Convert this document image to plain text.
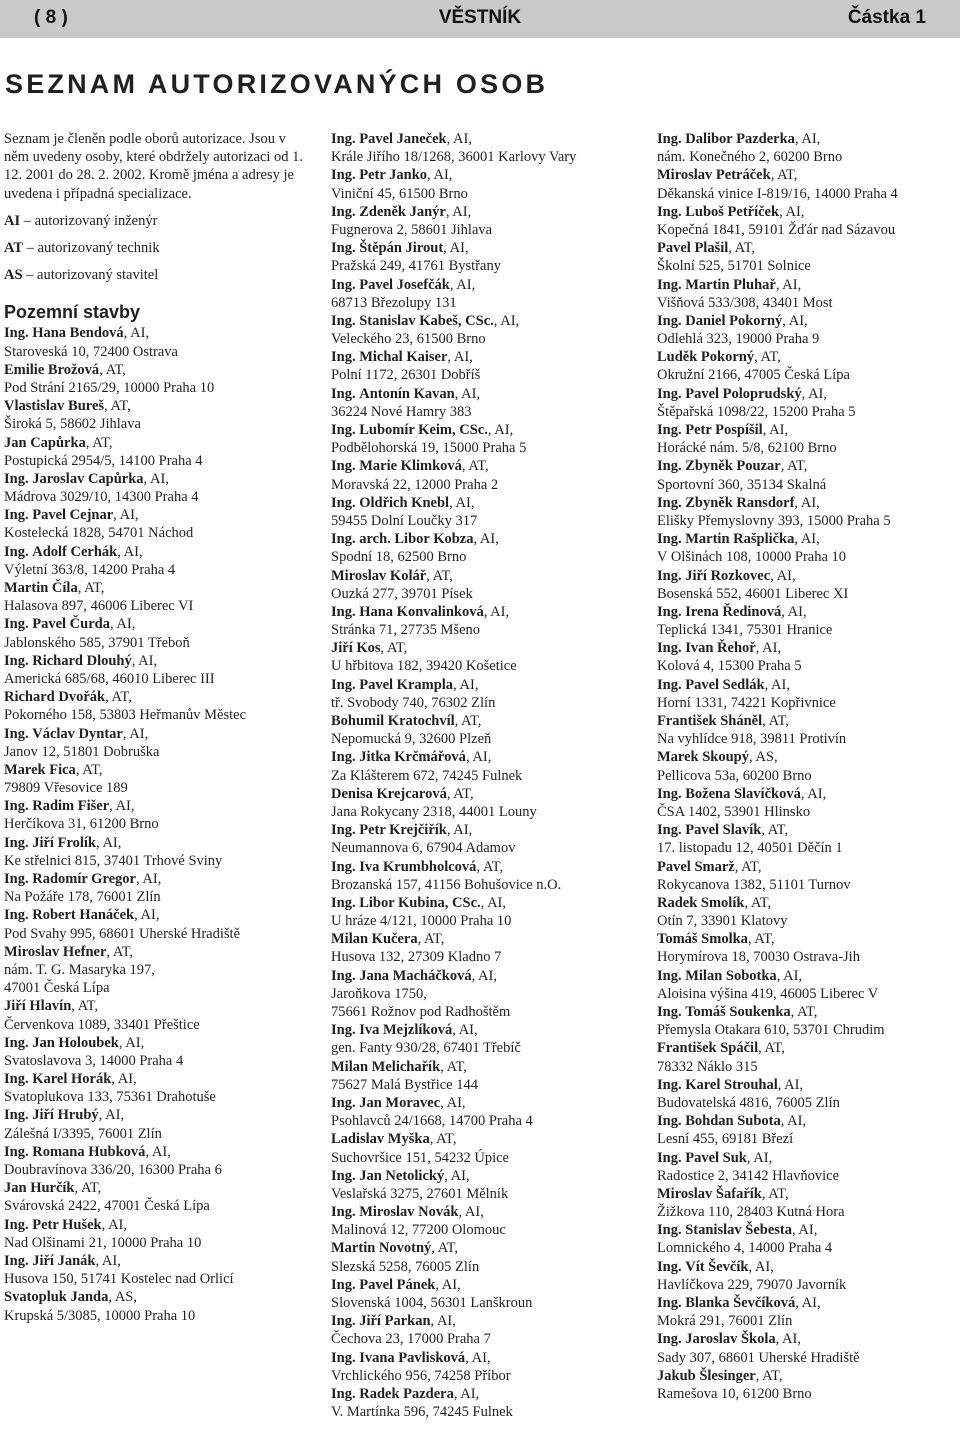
( 8 )	VĚSTNÍK	Částka 1
SEZNAM AUTORIZOVANÝCH OSOB

Seznam je členěn podle oborů autorizace. Jsou v něm uvedeny osoby, které obdržely autorizaci od 1. 12. 2001 do 28. 2. 2002. Kromě jména a adresy je uvedena i případná specializace.

AI – autorizovaný inženýr
AT – autorizovaný technik
AS – autorizovaný stavitel
Pozemní stavby
Ing. Hana Bendová, AI,
Staroveská 10, 72400 Ostrava
Emilie Brožová, AT,
Pod Strání 2165/29, 10000 Praha 10
Vlastislav Bureš, AT,
Široká 5, 58602 Jihlava
Jan Capůrka, AT,
Postupická 2954/5, 14100 Praha 4
Ing. Jaroslav Capůrka, AI,
Mádrova 3029/10, 14300 Praha 4
Ing. Pavel Cejnar, AI,
Kostelecká 1828, 54701 Náchod
Ing. Adolf Cerhák, AI,
Výletní 363/8, 14200 Praha 4
Martin Číla, AT,
Halasova 897, 46006 Liberec VI
Ing. Pavel Čurda, AI,
Jablonského 585, 37901 Třeboň
Ing. Richard Dlouhý, AI,
Americká 685/68, 46010 Liberec III
Richard Dvořák, AT,
Pokorného 158, 53803 Heřmanův Městec
Ing. Václav Dyntar, AI,
Janov 12, 51801 Dobruška
Marek Fica, AT,
79809 Vřesovice 189
Ing. Radim Fišer, AI,
Herčíkova 31, 61200 Brno
Ing. Jiří Frolík, AI,
Ke střelnici 815, 37401 Trhové Sviny
Ing. Radomír Gregor, AI,
Na Požáře 178, 76001 Zlín
Ing. Robert Hanáček, AI,
Pod Svahy 995, 68601 Uherské Hradiště
Miroslav Hefner, AT,
nám. T. G. Masaryka 197,
47001 Česká Lípa
Jiří Hlavín, AT,
Červenkova 1089, 33401 Přeštice
Ing. Jan Holoubek, AI,
Svatoslavova 3, 14000 Praha 4
Ing. Karel Horák, AI,
Svatoplukova 133, 75361 Drahotuše
Ing. Jiří Hrubý, AI,
Zálešná I/3395, 76001 Zlín
Ing. Romana Hubková, AI,
Doubravínova 336/20, 16300 Praha 6
Jan Hurčík, AT,
Svárovská 2422, 47001 Česká Lípa
Ing. Petr Hušek, AI,
Nad Olšinami 21, 10000 Praha 10
Ing. Jiří Janák, AI,
Husova 150, 51741 Kostelec nad Orlicí
Svatopluk Janda, AS,
Krupská 5/3085, 10000 Praha 10
Ing. Pavel Janeček, AI,
Krále Jiřího 18/1268, 36001 Karlovy Vary
Ing. Petr Janko, AI,
Viniční 45, 61500 Brno
Ing. Zdeněk Janýr, AI,
Fugnerova 2, 58601 Jihlava
Ing. Štěpán Jirout, AI,
Pražská 249, 41761 Bystřany
Ing. Pavel Josefčák, AI,
68713 Březolupy 131
Ing. Stanislav Kabeš, CSc., AI,
Veleckého 23, 61500 Brno
Ing. Michal Kaiser, AI,
Polní 1172, 26301 Dobříš
Ing. Antonín Kavan, AI,
36224 Nové Hamry 383
Ing. Lubomír Keim, CSc., AI,
Podbělohorská 19, 15000 Praha 5
Ing. Marie Klimková, AT,
Moravská 22, 12000 Praha 2
Ing. Oldřich Knebl, AI,
59455 Dolní Loučky 317
Ing. arch. Libor Kobza, AI,
Spodní 18, 62500 Brno
Miroslav Kolář, AT,
Ouzká 277, 39701 Písek
Ing. Hana Konvalinková, AI,
Stránka 71, 27735 Mšeno
Jiří Kos, AT,
U hřbitova 182, 39420 Košetice
Ing. Pavel Krampla, AI,
tř. Svobody 740, 76302 Zlín
Bohumil Kratochvíl, AT,
Nepomucká 9, 32600 Plzeň
Ing. Jitka Krčmářová, AI,
Za Klášterem 672, 74245 Fulnek
Denisa Krejcarová, AT,
Jana Rokycany 2318, 44001 Louny
Ing. Petr Krejčiřík, AI,
Neumannova 6, 67904 Adamov
Ing. Iva Krumbholcová, AT,
Brozanská 157, 41156 Bohušovice n.O.
Ing. Libor Kubina, CSc., AI,
U hráze 4/121, 10000 Praha 10
Milan Kučera, AT,
Husova 132, 27309 Kladno 7
Ing. Jana Macháčková, AI,
Jaroňkova 1750,
75661 Rožnov pod Radhoštěm
Ing. Iva Mejzlíková, AI,
gen. Fanty 930/28, 67401 Třebíč
Milan Melichařík, AT,
75627 Malá Bystřice 144
Ing. Jan Moravec, AI,
Psohlavců 24/1668, 14700 Praha 4
Ladislav Myška, AT,
Suchovršice 151, 54232 Úpice
Ing. Jan Netolický, AI,
Veslařská 3275, 27601 Mělník
Ing. Miroslav Novák, AI,
Malinová 12, 77200 Olomouc
Martin Novotný, AT,
Slezská 5258, 76005 Zlín
Ing. Pavel Pánek, AI,
Slovenská 1004, 56301 Lanškroun
Ing. Jiří Parkan, AI,
Čechova 23, 17000 Praha 7
Ing. Ivana Pavlisková, AI,
Vrchlického 956, 74258 Příbor
Ing. Radek Pazdera, AI,
V. Martínka 596, 74245 Fulnek
Ing. Dalibor Pazderka, AI,
nám. Konečného 2, 60200 Brno
Miroslav Petráček, AT,
Děkanská vinice I-819/16, 14000 Praha 4
Ing. Luboš Petříček, AI,
Kopečná 1841, 59101 Žďár nad Sázavou
Pavel Plašil, AT,
Školní 525, 51701 Solnice
Ing. Martin Pluhař, AI,
Višňová 533/308, 43401 Most
Ing. Daniel Pokorný, AI,
Odlehlá 323, 19000 Praha 9
Luděk Pokorný, AT,
Okružní 2166, 47005 Česká Lípa
Ing. Pavel Poloprudský, AI,
Štěpařská 1098/22, 15200 Praha 5
Ing. Petr Pospíšil, AI,
Horácké nám. 5/8, 62100 Brno
Ing. Zbyněk Pouzar, AT,
Sportovní 360, 35134 Skalná
Ing. Zbyněk Ransdorf, AI,
Elišky Přemyslovny 393, 15000 Praha 5
Ing. Martin Rašplička, AI,
V Olšinách 108, 10000 Praha 10
Ing. Jiří Rozkovec, AI,
Bosenská 552, 46001 Liberec XI
Ing. Irena Ředinová, AI,
Teplická 1341, 75301 Hranice
Ing. Ivan Řehoř, AI,
Kolová 4, 15300 Praha 5
Ing. Pavel Sedlák, AI,
Horní 1331, 74221 Kopřivnice
František Sháněl, AT,
Na vyhlídce 918, 39811 Protivín
Marek Skoupý, AS,
Pellicova 53a, 60200 Brno
Ing. Božena Slavíčková, AI,
ČSA 1402, 53901 Hlinsko
Ing. Pavel Slavík, AT,
17. listopadu 12, 40501 Děčín 1
Pavel Smarž, AT,
Rokycanova 1382, 51101 Turnov
Radek Smolík, AT,
Otín 7, 33901 Klatovy
Tomáš Smolka, AT,
Horymírova 18, 70030 Ostrava-Jih
Ing. Milan Sobotka, AI,
Aloisina výšina 419, 46005 Liberec V
Ing. Tomáš Soukenka, AT,
Přemysla Otakara 610, 53701 Chrudim
František Spáčil, AT,
78332 Náklo 315
Ing. Karel Strouhal, AI,
Budovatelská 4816, 76005 Zlín
Ing. Bohdan Subota, AI,
Lesní 455, 69181 Březí
Ing. Pavel Suk, AI,
Radostice 2, 34142 Hlavňovice
Miroslav Šafařík, AT,
Žižkova 110, 28403 Kutná Hora
Ing. Stanislav Šebesta, AI,
Lomnického 4, 14000 Praha 4
Ing. Vít Ševčík, AI,
Havlíčkova 229, 79070 Javorník
Ing. Blanka Ševčíková, AI,
Mokrá 291, 76001 Zlín
Ing. Jaroslav Škola, AI,
Sady 307, 68601 Uherské Hradiště
Jakub Šlesinger, AT,
Ramešova 10, 61200 Brno
